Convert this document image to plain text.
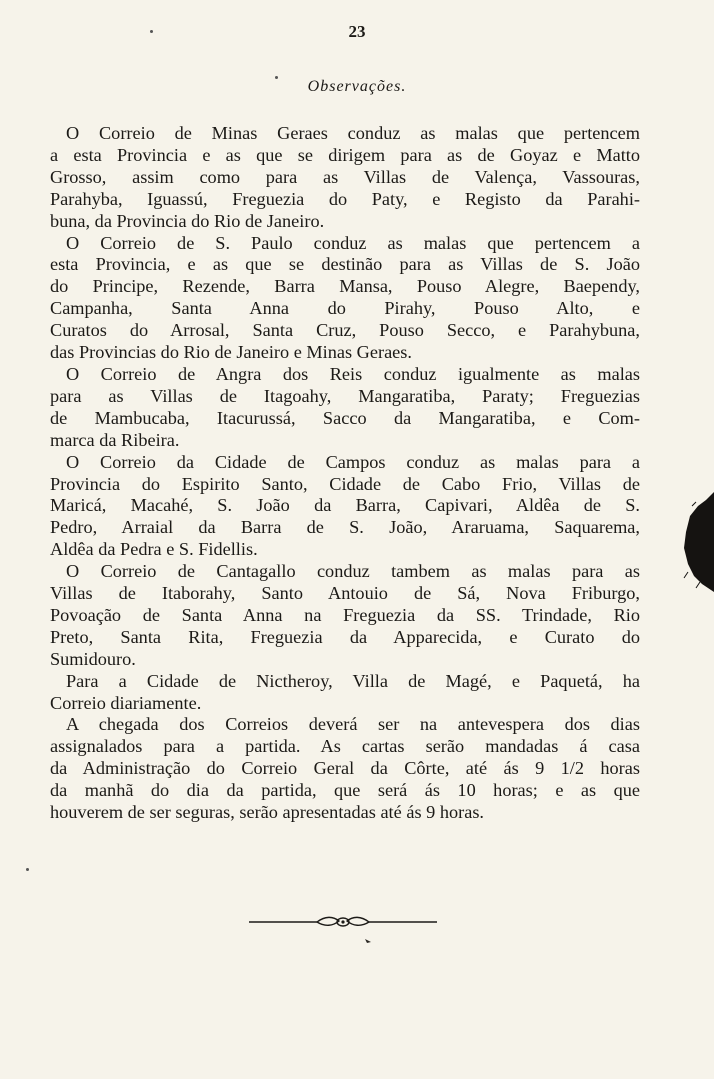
23
Observações.

O Correio de Minas Geraes conduz as malas que pertencem
a esta Provincia e as que se dirigem para as de Goyaz e Matto
Grosso, assim como para as Villas de Valença, Vassouras,
Parahyba, Iguassú, Freguezia do Paty, e Registo da Parahi-
buna, da Provincia do Rio de Janeiro.

O Correio de S. Paulo conduz as malas que pertencem a
esta Provincia, e as que se destinão para as Villas de S. João
do Principe, Rezende, Barra Mansa, Pouso Alegre, Baependy,
Campanha, Santa Anna do Pirahy, Pouso Alto, e
Curatos do Arrosal, Santa Cruz, Pouso Secco, e Parahybuna,
das Provincias do Rio de Janeiro e Minas Geraes.

O Correio de Angra dos Reis conduz igualmente as malas
para as Villas de Itagoahy, Mangaratiba, Paraty; Freguezias
de Mambucaba, Itacurussá, Sacco da Mangaratiba, e Com-
marca da Ribeira.

O Correio da Cidade de Campos conduz as malas para a
Provincia do Espirito Santo, Cidade de Cabo Frio, Villas de
Maricá, Macahé, S. João da Barra, Capivari, Aldêa de S.
Pedro, Arraial da Barra de S. João, Araruama, Saquarema,
Aldêa da Pedra e S. Fidellis.

O Correio de Cantagallo conduz tambem as malas para as
Villas de Itaborahy, Santo Antouio de Sá, Nova Friburgo,
Povoação de Santa Anna na Freguezia da SS. Trindade, Rio
Preto, Santa Rita, Freguezia da Apparecida, e Curato do
Sumidouro.

Para a Cidade de Nictheroy, Villa de Magé, e Paquetá, ha
Correio diariamente.

A chegada dos Correios deverá ser na antevespera dos dias
assignalados para a partida. As cartas serão mandadas á casa
da Administração do Correio Geral da Côrte, até ás 9 1/2 horas
da manhã do dia da partida, que será ás 10 horas; e as que
houverem de ser seguras, serão apresentadas até ás 9 horas.
